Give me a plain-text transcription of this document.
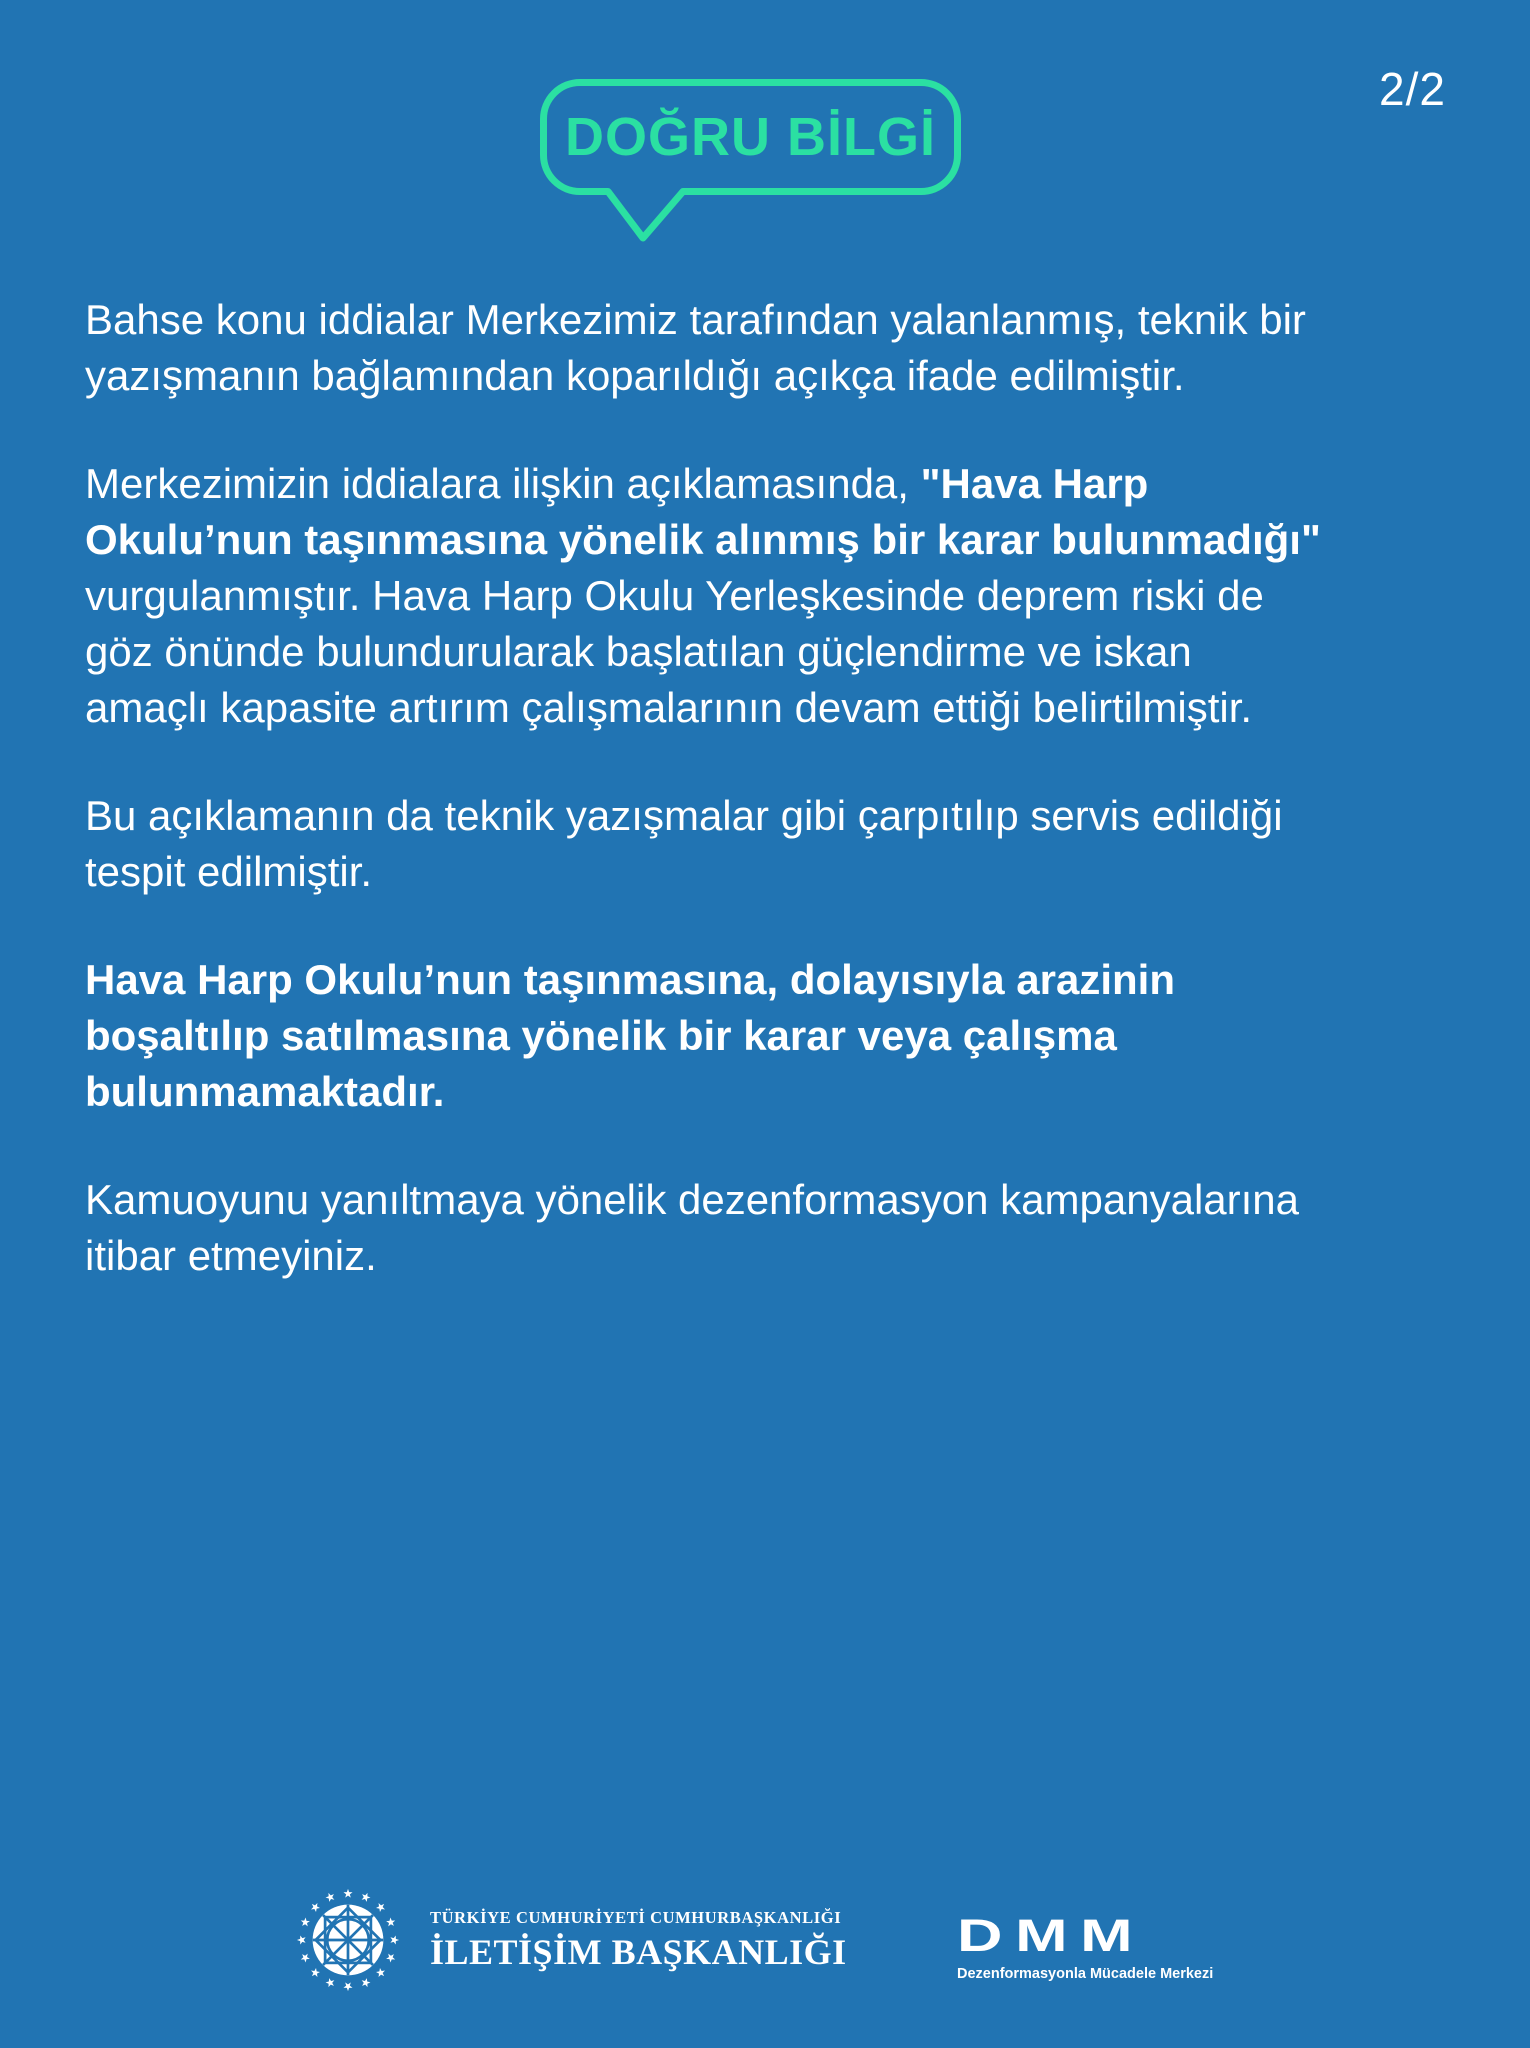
2/2
DOĞRU BİLGİ
Bahse konu iddialar Merkezimiz tarafından yalanlanmış, teknik bir
yazışmanın bağlamından koparıldığı açıkça ifade edilmiştir.
Merkezimizin iddialara ilişkin açıklamasında, "Hava Harp
Okulu’nun taşınmasına yönelik alınmış bir karar bulunmadığı"
vurgulanmıştır. Hava Harp Okulu Yerleşkesinde deprem riski de
göz önünde bulundurularak başlatılan güçlendirme ve iskan
amaçlı kapasite artırım çalışmalarının devam ettiği belirtilmiştir.
Bu açıklamanın da teknik yazışmalar gibi çarpıtılıp servis edildiği
tespit edilmiştir.
Hava Harp Okulu’nun taşınmasına, dolayısıyla arazinin
boşaltılıp satılmasına yönelik bir karar veya çalışma
bulunmamaktadır.
Kamuoyunu yanıltmaya yönelik dezenformasyon kampanyalarına
itibar etmeyiniz.
TÜRKİYE CUMHURİYETİ CUMHURBAŞKANLIĞI
İLETİŞİM BAŞKANLIĞI DMM
Dezenformasyonla Mücadele Merkezi
